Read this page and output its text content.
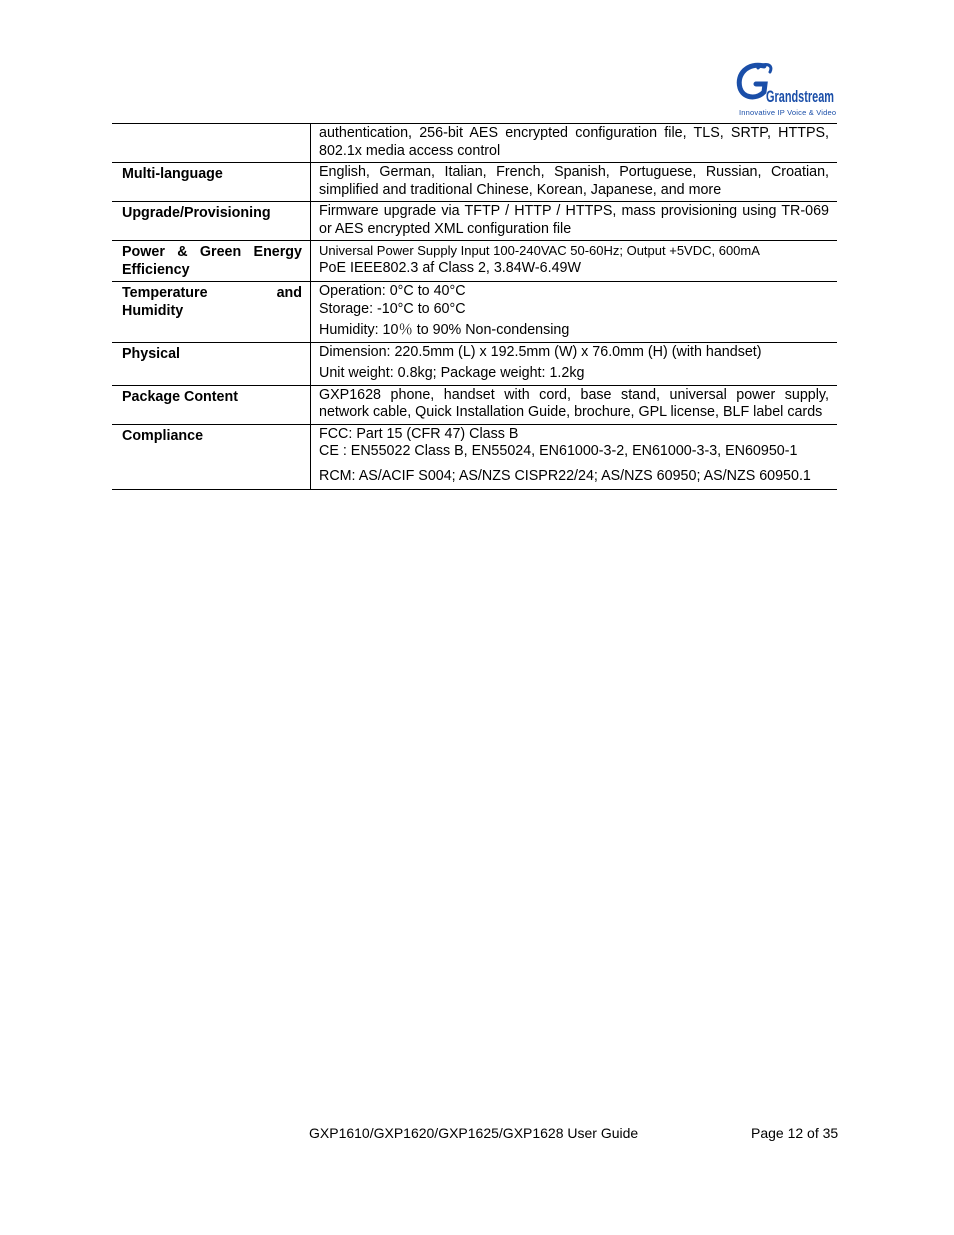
Grandstream
Innovative IP Voice & Video

	authentication, 256-bit AES encrypted configuration file, TLS, SRTP, HTTPS, 802.1x media access control

Multi-language	English, German, Italian, French, Spanish, Portuguese, Russian, Croatian, simplified and traditional Chinese, Korean, Japanese, and more

Upgrade/Provisioning	Firmware upgrade via TFTP / HTTP / HTTPS, mass provisioning using TR-069 or AES encrypted XML configuration file

Power & Green Energy Efficiency	Universal Power Supply Input 100-240VAC 50-60Hz; Output +5VDC, 600mA
PoE IEEE802.3 af Class 2, 3.84W-6.49W

Temperature and Humidity	Operation: 0°C to 40°C
Storage: -10°C to 60°C
Humidity: 10％ to 90% Non-condensing

Physical	Dimension: 220.5mm (L) x 192.5mm (W) x 76.0mm (H) (with handset)
Unit weight: 0.8kg; Package weight: 1.2kg

Package Content	GXP1628 phone, handset with cord, base stand, universal power supply, network cable, Quick Installation Guide, brochure, GPL license, BLF label cards

Compliance	FCC: Part 15 (CFR 47) Class B
CE : EN55022 Class B, EN55024, EN61000-3-2, EN61000-3-3, EN60950-1
RCM: AS/ACIF S004; AS/NZS CISPR22/24; AS/NZS 60950; AS/NZS 60950.1
GXP1610/GXP1620/GXP1625/GXP1628 User Guide	Page 12 of 35
